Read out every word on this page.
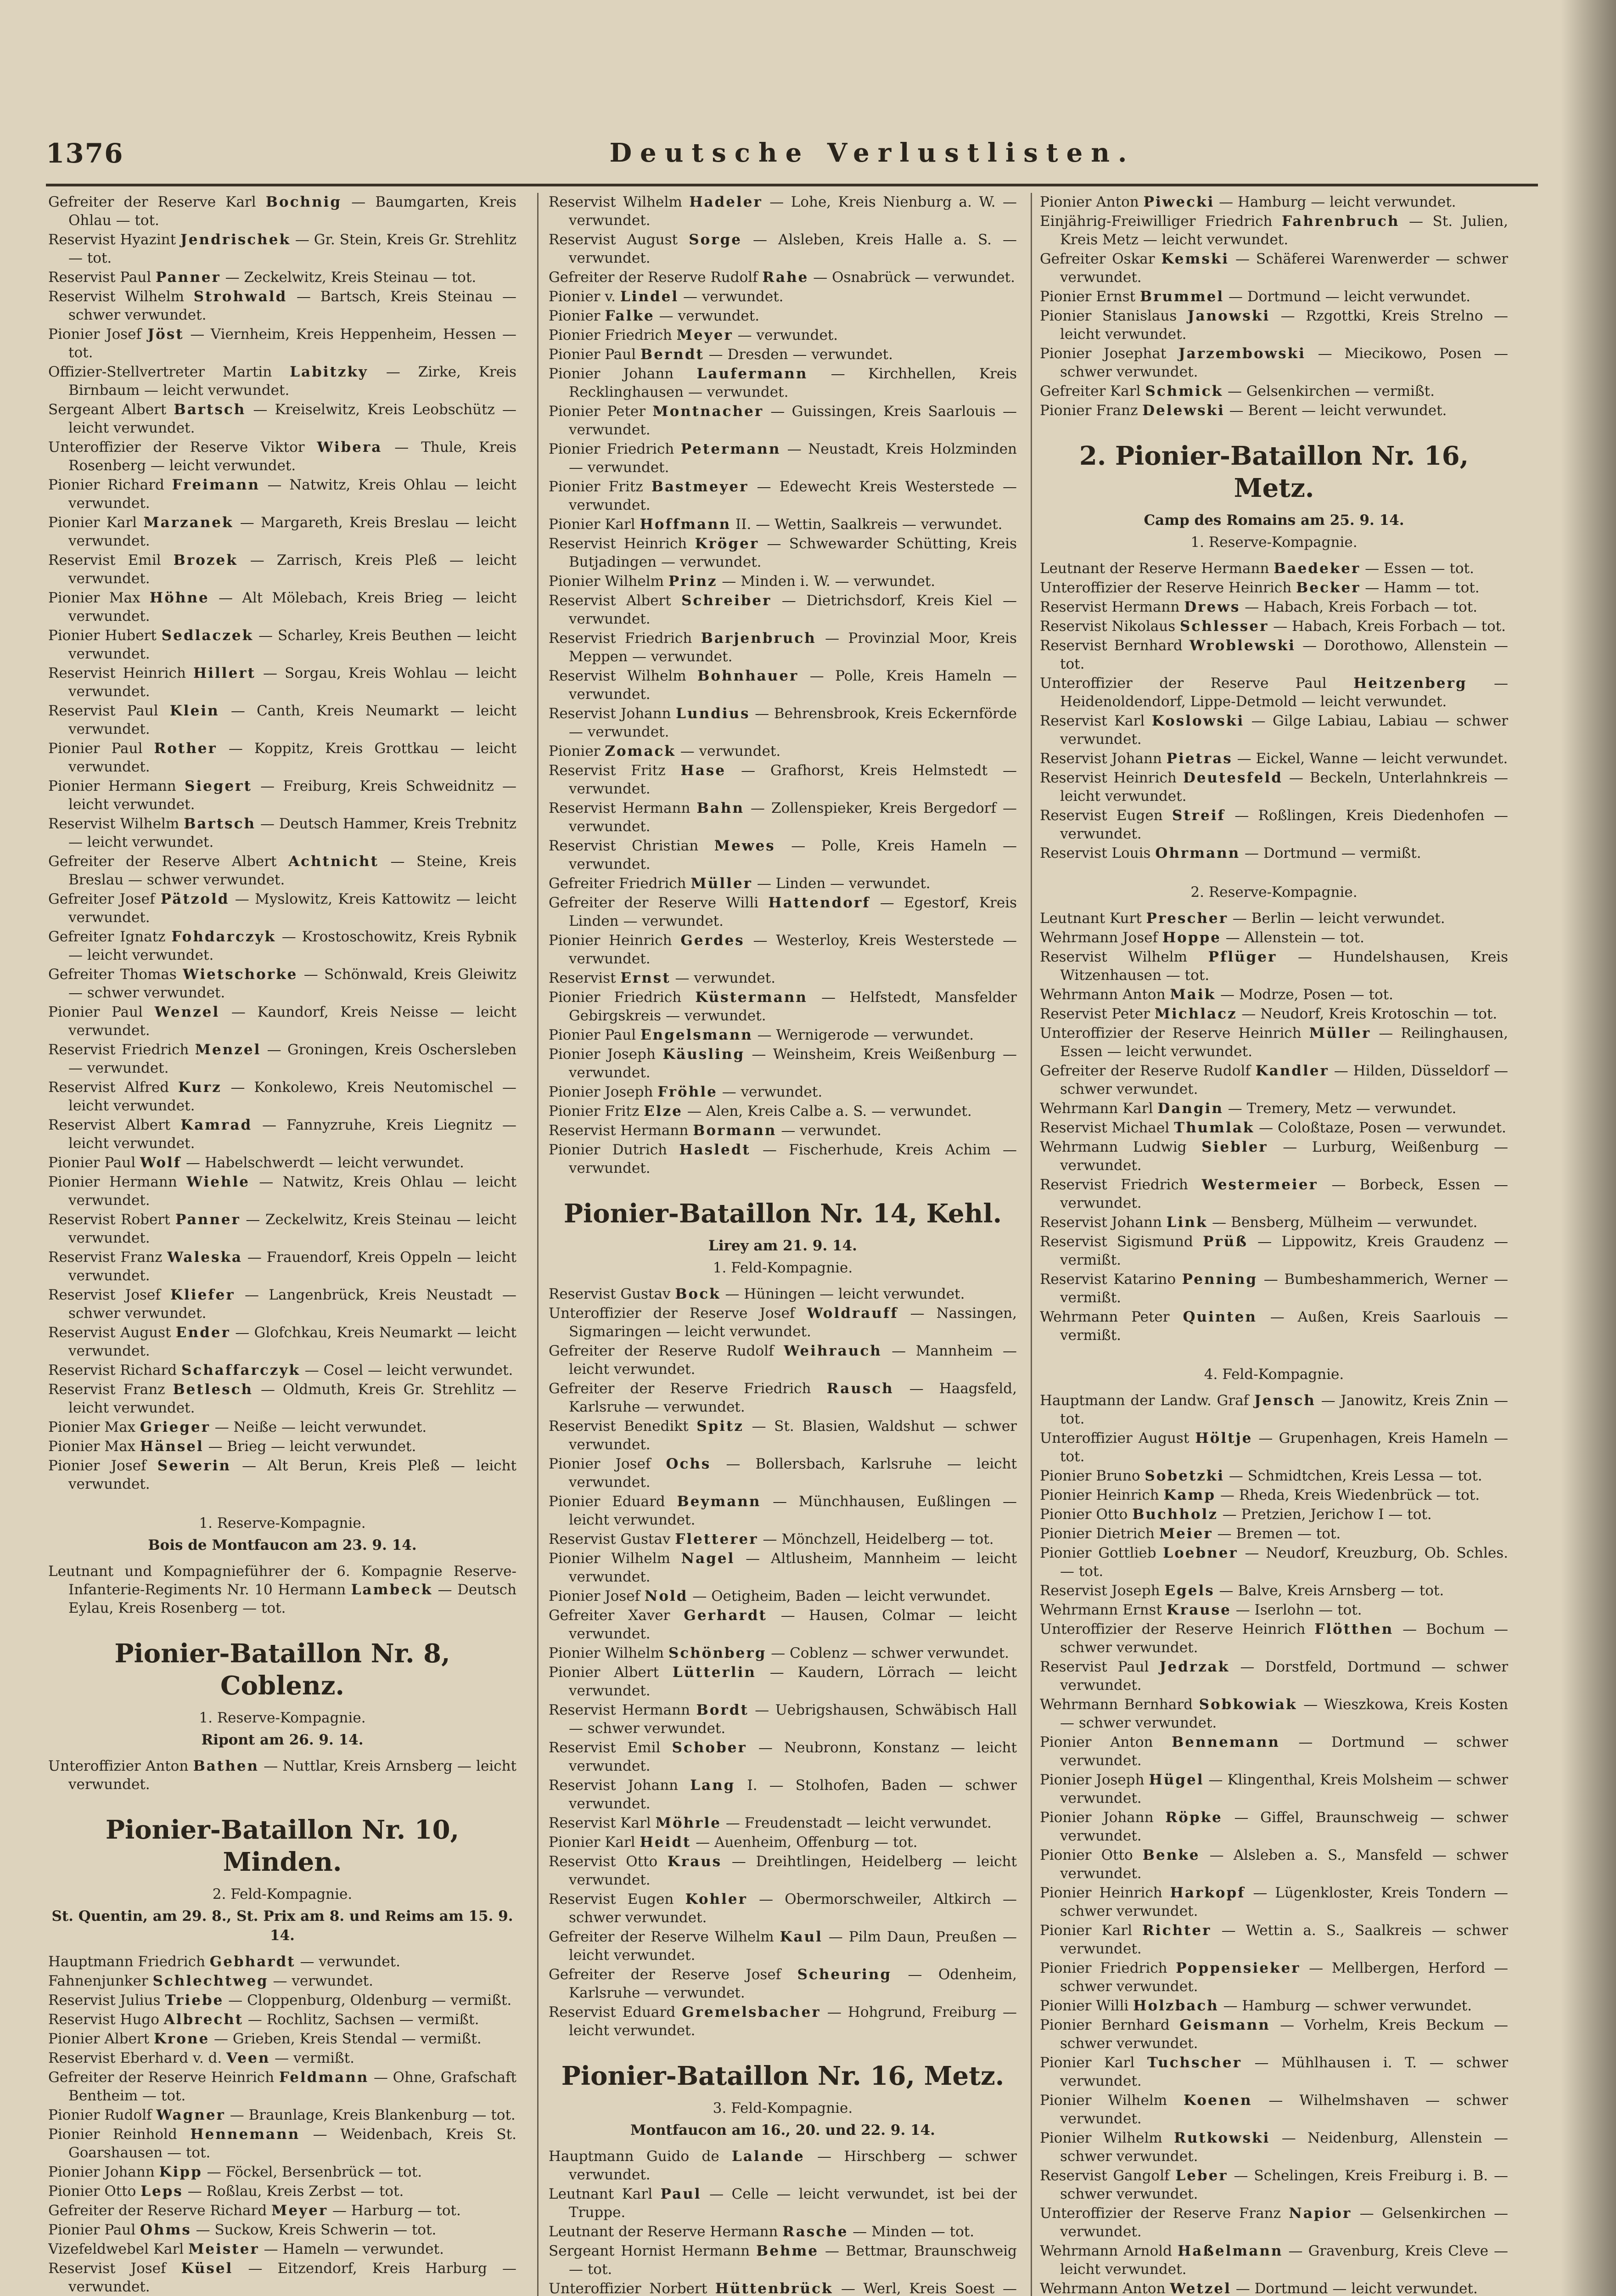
1376	Deutsche Verlustlisten.
Gefreiter der Reserve Karl Bochnig — Baumgarten, Kreis Ohlau — tot.
Reservist Hyazint Jendrischek — Gr. Stein, Kreis Gr. Strehlitz — tot.
Reservist Paul Panner — Zeckelwitz, Kreis Steinau — tot.
Reservist Wilhelm Strohwald — Bartsch, Kreis Steinau — schwer verwundet.
Pionier Josef Jöst — Viernheim, Kreis Heppenheim, Hessen — tot.
Offizier-Stellvertreter Martin Labitzky — Zirke, Kreis Birnbaum — leicht verwundet.
Sergeant Albert Bartsch — Kreiselwitz, Kreis Leobschütz — leicht verwundet.
Unteroffizier der Reserve Viktor Wibera — Thule, Kreis Rosenberg — leicht verwundet.
Pionier Richard Freimann — Natwitz, Kreis Ohlau — leicht verwundet.
Pionier Karl Marzanek — Margareth, Kreis Breslau — leicht verwundet.
Reservist Emil Brozek — Zarrisch, Kreis Pleß — leicht verwundet.
Pionier Max Höhne — Alt Mölebach, Kreis Brieg — leicht verwundet.
Pionier Hubert Sedlaczek — Scharley, Kreis Beuthen — leicht verwundet.
Reservist Heinrich Hillert — Sorgau, Kreis Wohlau — leicht verwundet.
Reservist Paul Klein — Canth, Kreis Neumarkt — leicht verwundet.
Pionier Paul Rother — Koppitz, Kreis Grottkau — leicht verwundet.
Pionier Hermann Siegert — Freiburg, Kreis Schweidnitz — leicht verwundet.
Reservist Wilhelm Bartsch — Deutsch Hammer, Kreis Trebnitz — leicht verwundet.
Gefreiter der Reserve Albert Achtnicht — Steine, Kreis Breslau — schwer verwundet.
Gefreiter Josef Pätzold — Myslowitz, Kreis Kattowitz — leicht verwundet.
Gefreiter Ignatz Fohdarczyk — Krostoschowitz, Kreis Rybnik — leicht verwundet.
Gefreiter Thomas Wietschorke — Schönwald, Kreis Gleiwitz — schwer verwundet.
Pionier Paul Wenzel — Kaundorf, Kreis Neisse — leicht verwundet.
Reservist Friedrich Menzel — Groningen, Kreis Oschersleben — verwundet.
Reservist Alfred Kurz — Konkolewo, Kreis Neutomischel — leicht verwundet.
Reservist Albert Kamrad — Fannyzruhe, Kreis Liegnitz — leicht verwundet.
Pionier Paul Wolf — Habelschwerdt — leicht verwundet.
Pionier Hermann Wiehle — Natwitz, Kreis Ohlau — leicht verwundet.
Reservist Robert Panner — Zeckelwitz, Kreis Steinau — leicht verwundet.
Reservist Franz Waleska — Frauendorf, Kreis Oppeln — leicht verwundet.
Reservist Josef Kliefer — Langenbrück, Kreis Neustadt — schwer verwundet.
Reservist August Ender — Glofchkau, Kreis Neumarkt — leicht verwundet.
Reservist Richard Schaffarczyk — Cosel — leicht verwundet.
Reservist Franz Betlesch — Oldmuth, Kreis Gr. Strehlitz — leicht verwundet.
Pionier Max Grieger — Neiße — leicht verwundet.
Pionier Max Hänsel — Brieg — leicht verwundet.
Pionier Josef Sewerin — Alt Berun, Kreis Pleß — leicht verwundet.
1. Reserve-Kompagnie.
Bois de Montfaucon am 23. 9. 14.
Leutnant und Kompagnieführer der 6. Kompagnie Reserve-Infanterie-Regiments Nr. 10 Hermann Lambeck — Deutsch Eylau, Kreis Rosenberg — tot.
Pionier-Bataillon Nr. 8, Coblenz.
1. Reserve-Kompagnie.
Ripont am 26. 9. 14.
Unteroffizier Anton Bathen — Nuttlar, Kreis Arnsberg — leicht verwundet.
Pionier-Bataillon Nr. 10, Minden.
2. Feld-Kompagnie.
St. Quentin, am 29. 8., St. Prix am 8. und Reims am 15. 9. 14.
Hauptmann Friedrich Gebhardt — verwundet.
Fahnenjunker Schlechtweg — verwundet.
Reservist Julius Triebe — Cloppenburg, Oldenburg — vermißt.
Reservist Hugo Albrecht — Rochlitz, Sachsen — vermißt.
Pionier Albert Krone — Grieben, Kreis Stendal — vermißt.
Reservist Eberhard v. d. Veen — vermißt.
Gefreiter der Reserve Heinrich Feldmann — Ohne, Grafschaft Bentheim — tot.
Pionier Rudolf Wagner — Braunlage, Kreis Blankenburg — tot.
Pionier Reinhold Hennemann — Weidenbach, Kreis St. Goarshausen — tot.
Pionier Johann Kipp — Föckel, Bersenbrück — tot.
Pionier Otto Leps — Roßlau, Kreis Zerbst — tot.
Gefreiter der Reserve Richard Meyer — Harburg — tot.
Pionier Paul Ohms — Suckow, Kreis Schwerin — tot.
Vizefeldwebel Karl Meister — Hameln — verwundet.
Reservist Josef Küsel — Eitzendorf, Kreis Harburg — verwundet.
Reservist Wilhelm Hadeler — Lohe, Kreis Nienburg a. W. — verwundet.
Reservist August Sorge — Alsleben, Kreis Halle a. S. — verwundet.
Gefreiter der Reserve Rudolf Rahe — Osnabrück — verwundet.
Pionier v. Lindel — verwundet.
Pionier Falke — verwundet.
Pionier Friedrich Meyer — verwundet.
Pionier Paul Berndt — Dresden — verwundet.
Pionier Johann Laufermann — Kirchhellen, Kreis Recklinghausen — verwundet.
Pionier Peter Montnacher — Guissingen, Kreis Saarlouis — verwundet.
Pionier Friedrich Petermann — Neustadt, Kreis Holzminden — verwundet.
Pionier Fritz Bastmeyer — Edewecht Kreis Westerstede — verwundet.
Pionier Karl Hoffmann II. — Wettin, Saalkreis — verwundet.
Reservist Heinrich Kröger — Schwewarder Schütting, Kreis Butjadingen — verwundet.
Pionier Wilhelm Prinz — Minden i. W. — verwundet.
Reservist Albert Schreiber — Dietrichsdorf, Kreis Kiel — verwundet.
Reservist Friedrich Barjenbruch — Provinzial Moor, Kreis Meppen — verwundet.
Reservist Wilhelm Bohnhauer — Polle, Kreis Hameln — verwundet.
Reservist Johann Lundius — Behrensbrook, Kreis Eckernförde — verwundet.
Pionier Zomack — verwundet.
Reservist Fritz Hase — Grafhorst, Kreis Helmstedt — verwundet.
Reservist Hermann Bahn — Zollenspieker, Kreis Bergedorf — verwundet.
Reservist Christian Mewes — Polle, Kreis Hameln — verwundet.
Gefreiter Friedrich Müller — Linden — verwundet.
Gefreiter der Reserve Willi Hattendorf — Egestorf, Kreis Linden — verwundet.
Pionier Heinrich Gerdes — Westerloy, Kreis Westerstede — verwundet.
Reservist Ernst — verwundet.
Pionier Friedrich Küstermann — Helfstedt, Mansfelder Gebirgskreis — verwundet.
Pionier Paul Engelsmann — Wernigerode — verwundet.
Pionier Joseph Käusling — Weinsheim, Kreis Weißenburg — verwundet.
Pionier Joseph Fröhle — verwundet.
Pionier Fritz Elze — Alen, Kreis Calbe a. S. — verwundet.
Reservist Hermann Bormann — verwundet.
Pionier Dutrich Hasledt — Fischerhude, Kreis Achim — verwundet.
Pionier-Bataillon Nr. 14, Kehl.
Lirey am 21. 9. 14.
1. Feld-Kompagnie.
Reservist Gustav Bock — Hüningen — leicht verwundet.
Unteroffizier der Reserve Josef Woldrauff — Nassingen, Sigmaringen — leicht verwundet.
Gefreiter der Reserve Rudolf Weihrauch — Mannheim — leicht verwundet.
Gefreiter der Reserve Friedrich Rausch — Haagsfeld, Karlsruhe — verwundet.
Reservist Benedikt Spitz — St. Blasien, Waldshut — schwer verwundet.
Pionier Josef Ochs — Bollersbach, Karlsruhe — leicht verwundet.
Pionier Eduard Beymann — Münchhausen, Eußlingen — leicht verwundet.
Reservist Gustav Fletterer — Mönchzell, Heidelberg — tot.
Pionier Wilhelm Nagel — Altlusheim, Mannheim — leicht verwundet.
Pionier Josef Nold — Oetigheim, Baden — leicht verwundet.
Gefreiter Xaver Gerhardt — Hausen, Colmar — leicht verwundet.
Pionier Wilhelm Schönberg — Coblenz — schwer verwundet.
Pionier Albert Lütterlin — Kaudern, Lörrach — leicht verwundet.
Reservist Hermann Bordt — Uebrigshausen, Schwäbisch Hall — schwer verwundet.
Reservist Emil Schober — Neubronn, Konstanz — leicht verwundet.
Reservist Johann Lang I. — Stolhofen, Baden — schwer verwundet.
Reservist Karl Möhrle — Freudenstadt — leicht verwundet.
Pionier Karl Heidt — Auenheim, Offenburg — tot.
Reservist Otto Kraus — Dreihtlingen, Heidelberg — leicht verwundet.
Reservist Eugen Kohler — Obermorschweiler, Altkirch — schwer verwundet.
Gefreiter der Reserve Wilhelm Kaul — Pilm Daun, Preußen — leicht verwundet.
Gefreiter der Reserve Josef Scheuring — Odenheim, Karlsruhe — verwundet.
Reservist Eduard Gremelsbacher — Hohgrund, Freiburg — leicht verwundet.
Pionier-Bataillon Nr. 16, Metz.
3. Feld-Kompagnie.
Montfaucon am 16., 20. und 22. 9. 14.
Hauptmann Guido de Lalande — Hirschberg — schwer verwundet.
Leutnant Karl Paul — Celle — leicht verwundet, ist bei der Truppe.
Leutnant der Reserve Hermann Rasche — Minden — tot.
Sergeant Hornist Hermann Behme — Bettmar, Braunschweig — tot.
Unteroffizier Norbert Hüttenbrück — Werl, Kreis Soest —
Pionier Anton Piwecki — Hamburg — leicht verwundet.
Einjährig-Freiwilliger Friedrich Fahrenbruch — St. Julien, Kreis Metz — leicht verwundet.
Gefreiter Oskar Kemski — Schäferei Warenwerder — schwer verwundet.
Pionier Ernst Brummel — Dortmund — leicht verwundet.
Pionier Stanislaus Janowski — Rzgottki, Kreis Strelno — leicht verwundet.
Pionier Josephat Jarzembowski — Miecikowo, Posen — schwer verwundet.
Gefreiter Karl Schmick — Gelsenkirchen — vermißt.
Pionier Franz Delewski — Berent — leicht verwundet.
2. Pionier-Bataillon Nr. 16, Metz.
Camp des Romains am 25. 9. 14.
1. Reserve-Kompagnie.
Leutnant der Reserve Hermann Baedeker — Essen — tot.
Unteroffizier der Reserve Heinrich Becker — Hamm — tot.
Reservist Hermann Drews — Habach, Kreis Forbach — tot.
Reservist Nikolaus Schlesser — Habach, Kreis Forbach — tot.
Reservist Bernhard Wroblewski — Dorothowo, Allenstein — tot.
Unteroffizier der Reserve Paul Heitzenberg — Heidenoldendorf, Lippe-Detmold — leicht verwundet.
Reservist Karl Koslowski — Gilge Labiau, Labiau — schwer verwundet.
Reservist Johann Pietras — Eickel, Wanne — leicht verwundet.
Reservist Heinrich Deutesfeld — Beckeln, Unterlahnkreis — leicht verwundet.
Reservist Eugen Streif — Roßlingen, Kreis Diedenhofen — verwundet.
Reservist Louis Ohrmann — Dortmund — vermißt.
2. Reserve-Kompagnie.
Leutnant Kurt Prescher — Berlin — leicht verwundet.
Wehrmann Josef Hoppe — Allenstein — tot.
Reservist Wilhelm Pflüger — Hundelshausen, Kreis Witzenhausen — tot.
Wehrmann Anton Maik — Modrze, Posen — tot.
Reservist Peter Michlacz — Neudorf, Kreis Krotoschin — tot.
Unteroffizier der Reserve Heinrich Müller — Reilinghausen, Essen — leicht verwundet.
Gefreiter der Reserve Rudolf Kandler — Hilden, Düsseldorf — schwer verwundet.
Wehrmann Karl Dangin — Tremery, Metz — verwundet.
Reservist Michael Thumlak — Coloßtaze, Posen — verwundet.
Wehrmann Ludwig Siebler — Lurburg, Weißenburg — verwundet.
Reservist Friedrich Westermeier — Borbeck, Essen — verwundet.
Reservist Johann Link — Bensberg, Mülheim — verwundet.
Reservist Sigismund Prüß — Lippowitz, Kreis Graudenz — vermißt.
Reservist Katarino Penning — Bumbeshammerich, Werner — vermißt.
Wehrmann Peter Quinten — Außen, Kreis Saarlouis — vermißt.
4. Feld-Kompagnie.
Hauptmann der Landw. Graf Jensch — Janowitz, Kreis Znin — tot.
Unteroffizier August Höltje — Grupenhagen, Kreis Hameln — tot.
Pionier Bruno Sobetzki — Schmidtchen, Kreis Lessa — tot.
Pionier Heinrich Kamp — Rheda, Kreis Wiedenbrück — tot.
Pionier Otto Buchholz — Pretzien, Jerichow I — tot.
Pionier Dietrich Meier — Bremen — tot.
Pionier Gottlieb Loebner — Neudorf, Kreuzburg, Ob. Schles. — tot.
Reservist Joseph Egels — Balve, Kreis Arnsberg — tot.
Wehrmann Ernst Krause — Iserlohn — tot.
Unteroffizier der Reserve Heinrich Flötthen — Bochum — schwer verwundet.
Reservist Paul Jedrzak — Dorstfeld, Dortmund — schwer verwundet.
Wehrmann Bernhard Sobkowiak — Wieszkowa, Kreis Kosten — schwer verwundet.
Pionier Anton Bennemann — Dortmund — schwer verwundet.
Pionier Joseph Hügel — Klingenthal, Kreis Molsheim — schwer verwundet.
Pionier Johann Röpke — Giffel, Braunschweig — schwer verwundet.
Pionier Otto Benke — Alsleben a. S., Mansfeld — schwer verwundet.
Pionier Heinrich Harkopf — Lügenkloster, Kreis Tondern — schwer verwundet.
Pionier Karl Richter — Wettin a. S., Saalkreis — schwer verwundet.
Pionier Friedrich Poppensieker — Mellbergen, Herford — schwer verwundet.
Pionier Willi Holzbach — Hamburg — schwer verwundet.
Pionier Bernhard Geismann — Vorhelm, Kreis Beckum — schwer verwundet.
Pionier Karl Tuchscher — Mühlhausen i. T. — schwer verwundet.
Pionier Wilhelm Koenen — Wilhelmshaven — schwer verwundet.
Pionier Wilhelm Rutkowski — Neidenburg, Allenstein — schwer verwundet.
Reservist Gangolf Leber — Schelingen, Kreis Freiburg i. B. — schwer verwundet.
Unteroffizier der Reserve Franz Napior — Gelsenkirchen — verwundet.
Wehrmann Arnold Haßelmann — Gravenburg, Kreis Cleve — leicht verwundet.
Wehrmann Anton Wetzel — Dortmund — leicht verwundet.
